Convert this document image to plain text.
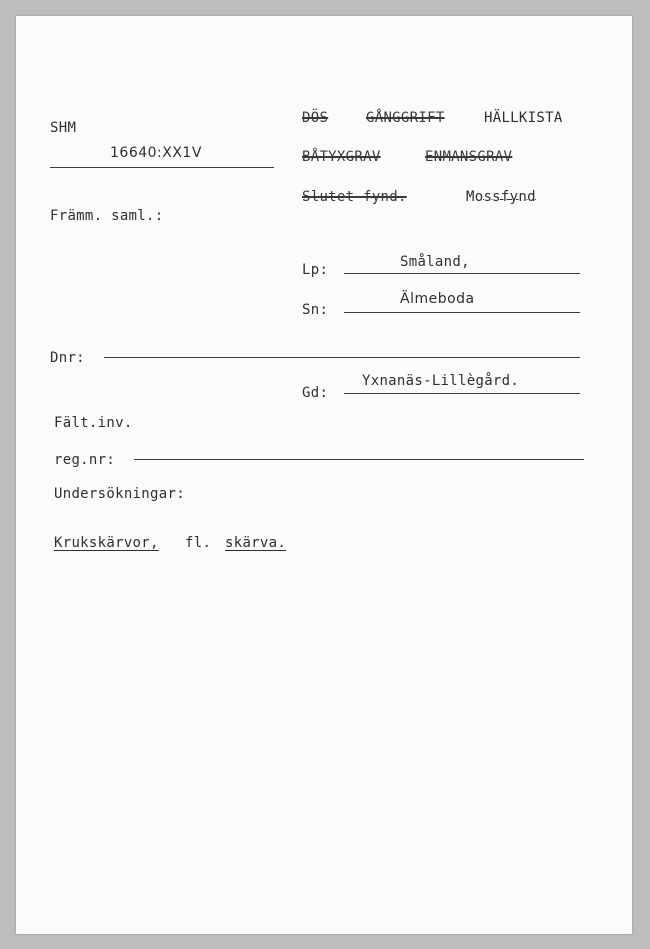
SHM
16640:XX1V
DÖS	GÅNGGRIFT	HÄLLKISTA
BÅTYXGRAV	ENMANSGRAV
Slutet fynd.	Mossfynd
Främm. saml.:
Lp:	Småland,
Sn:
Älmeboda
Dnr:
Gd:
Yxnanäs-Lillègård.
Fält.inv.
reg.nr:
Undersökningar:
Krukskärvor, fl. skärva.
